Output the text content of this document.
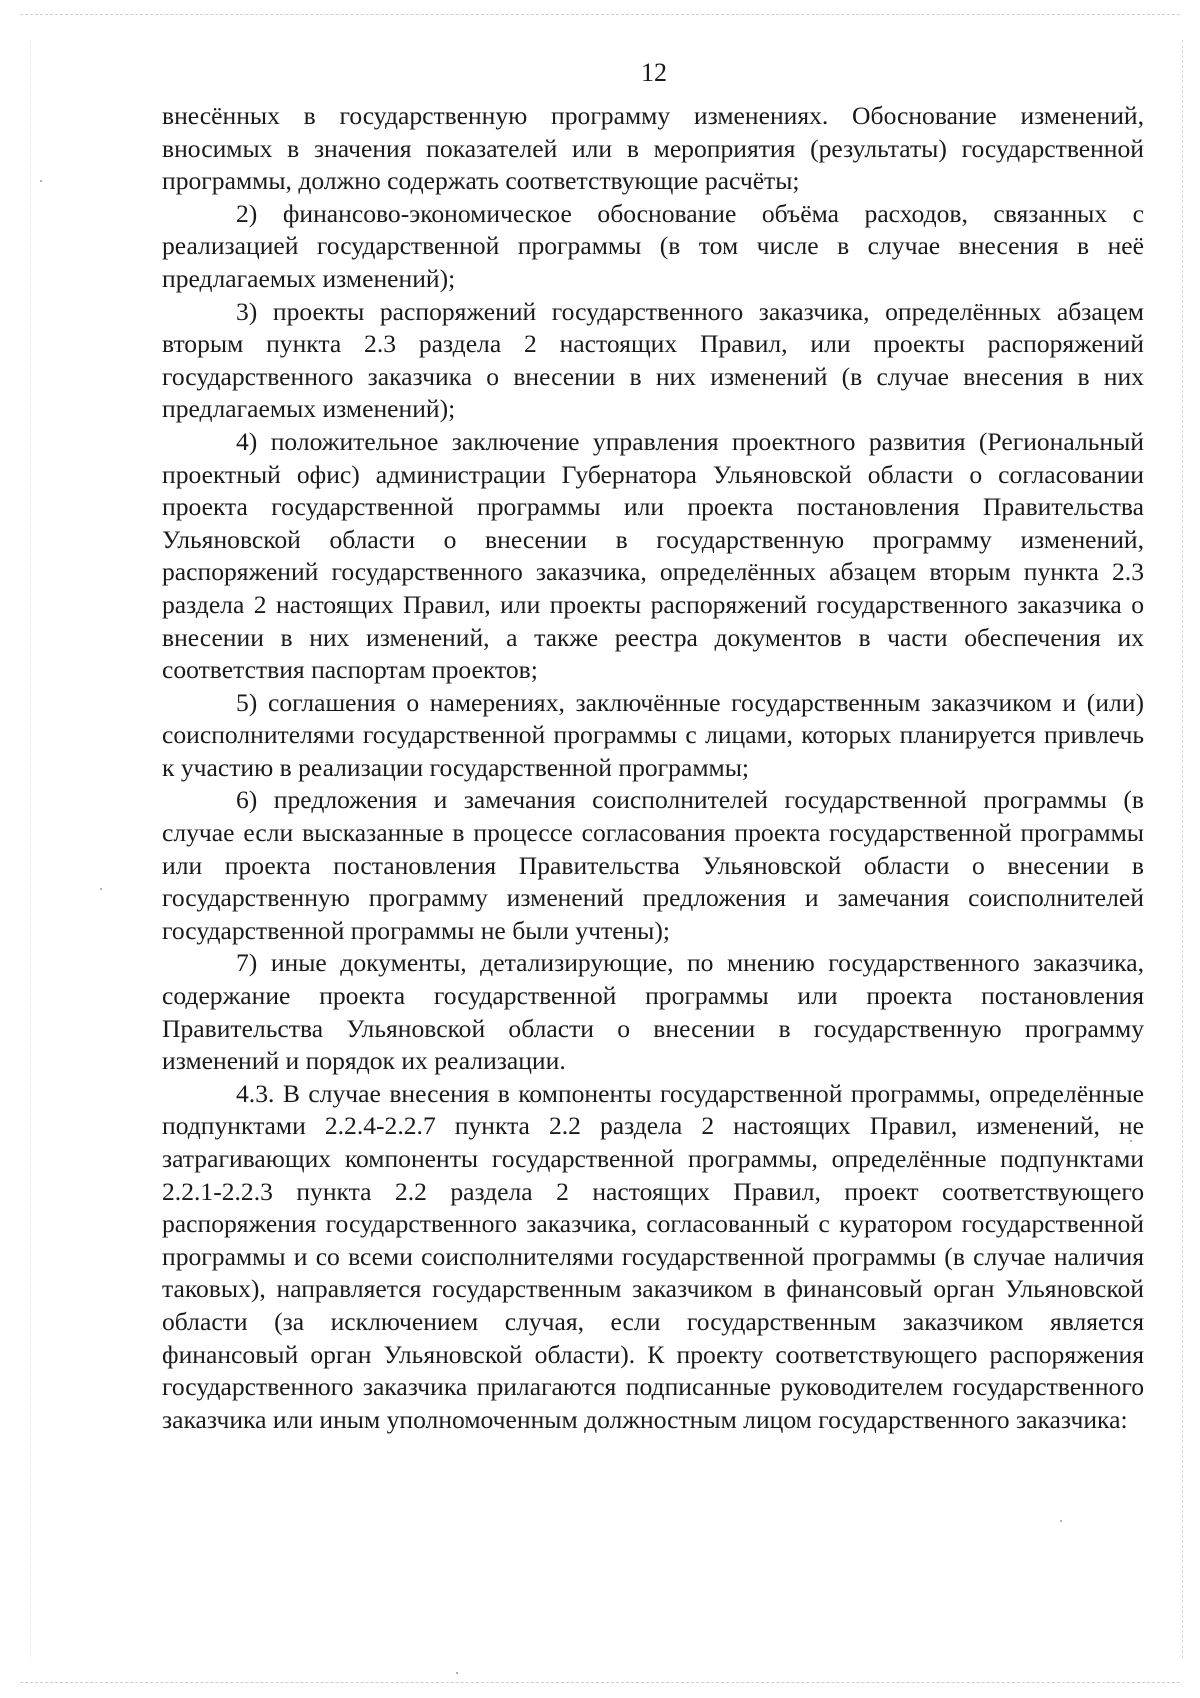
12

внесённых в государственную программу изменениях. Обоснование изменений, вносимых в значения показателей или в мероприятия (результаты) государственной программы, должно содержать соответствующие расчёты;

2) финансово-экономическое обоснование объёма расходов, связанных с реализацией государственной программы (в том числе в случае внесения в неё предлагаемых изменений);

3) проекты распоряжений государственного заказчика, определённых абзацем вторым пункта 2.3 раздела 2 настоящих Правил, или проекты распоряжений государственного заказчика о внесении в них изменений (в случае внесения в них предлагаемых изменений);

4) положительное заключение управления проектного развития (Региональный проектный офис) администрации Губернатора Ульяновской области о согласовании проекта государственной программы или проекта постановления Правительства Ульяновской области о внесении в государственную программу изменений, распоряжений государственного заказчика, определённых абзацем вторым пункта 2.3 раздела 2 настоящих Правил, или проекты распоряжений государственного заказчика о внесении в них изменений, а также реестра документов в части обеспечения их соответствия паспортам проектов;

5) соглашения о намерениях, заключённые государственным заказчиком и (или) соисполнителями государственной программы с лицами, которых планируется привлечь к участию в реализации государственной программы;

6) предложения и замечания соисполнителей государственной программы (в случае если высказанные в процессе согласования проекта государственной программы или проекта постановления Правительства Ульяновской области о внесении в государственную программу изменений предложения и замечания соисполнителей государственной программы не были учтены);

7) иные документы, детализирующие, по мнению государственного заказчика, содержание проекта государственной программы или проекта постановления Правительства Ульяновской области о внесении в государственную программу изменений и порядок их реализации.

4.3. В случае внесения в компоненты государственной программы, определённые подпунктами 2.2.4-2.2.7 пункта 2.2 раздела 2 настоящих Правил, изменений, не затрагивающих компоненты государственной программы, определённые подпунктами 2.2.1-2.2.3 пункта 2.2 раздела 2 настоящих Правил, проект соответствующего распоряжения государственного заказчика, согласованный с куратором государственной программы и со всеми соисполнителями государственной программы (в случае наличия таковых), направляется государственным заказчиком в финансовый орган Ульяновской области (за исключением случая, если государственным заказчиком является финансовый орган Ульяновской области). К проекту соответствующего распоряжения государственного заказчика прилагаются подписанные руководителем государственного заказчика или иным уполномоченным должностным лицом государственного заказчика:
